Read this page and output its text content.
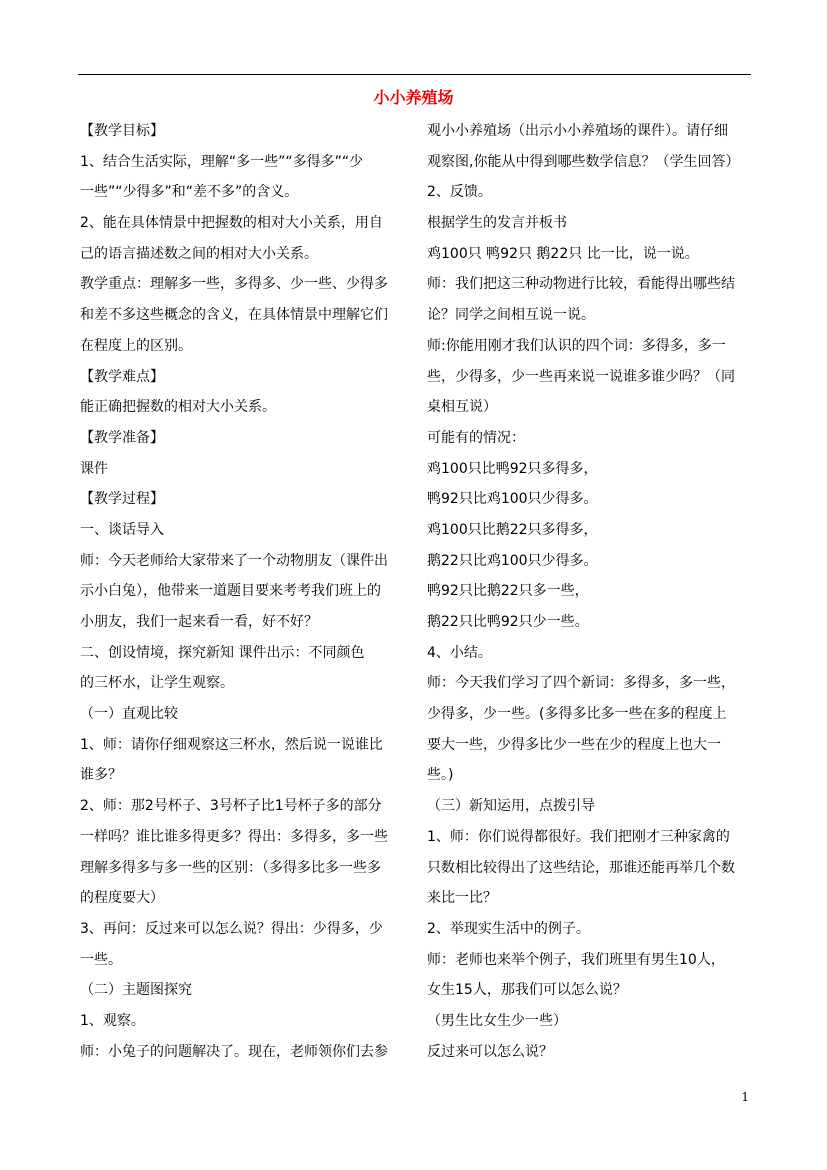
小小养殖场
【教学目标】
1、结合生活实际，理解“多一些”“多得多”“少
一些”“少得多”和“差不多”的含义。
2、能在具体情景中把握数的相对大小关系，用自
己的语言描述数之间的相对大小关系。
教学重点：理解多一些，多得多、少一些、少得多
和差不多这些概念的含义，在具体情景中理解它们
在程度上的区别。
【教学难点】
能正确把握数的相对大小关系。
【教学准备】
课件
【教学过程】
一、谈话导入
师：今天老师给大家带来了一个动物朋友（课件出
示小白兔），他带来一道题目要来考考我们班上的
小朋友，我们一起来看一看，好不好？
二、创设情境，探究新知 课件出示：不同颜色
的三杯水，让学生观察。
（一）直观比较
1、师：请你仔细观察这三杯水，然后说一说谁比
谁多？
2、师：那2号杯子、3号杯子比1号杯子多的部分
一样吗？谁比谁多得更多？得出：多得多，多一些
理解多得多与多一些的区别：（多得多比多一些多
的程度要大）
3、再问：反过来可以怎么说？得出：少得多，少
一些。
（二）主题图探究
1、观察。
师：小兔子的问题解决了。现在，老师领你们去参
观小小养殖场（出示小小养殖场的课件）。请仔细
观察图,你能从中得到哪些数学信息？（学生回答）
2、反馈。
根据学生的发言并板书
鸡100只 鸭92只 鹅22只 比一比，说一说。
师：我们把这三种动物进行比较，看能得出哪些结
论？同学之间相互说一说。
师:你能用刚才我们认识的四个词：多得多，多一
些，少得多，少一些再来说一说谁多谁少吗？（同
桌相互说）
可能有的情况：
鸡100只比鸭92只多得多，
鸭92只比鸡100只少得多。
鸡100只比鹅22只多得多，
鹅22只比鸡100只少得多。
鸭92只比鹅22只多一些，
鹅22只比鸭92只少一些。
4、小结。
师：今天我们学习了四个新词：多得多，多一些，
少得多，少一些。(多得多比多一些在多的程度上
要大一些，少得多比少一些在少的程度上也大一
些。)
（三）新知运用，点拨引导
1、师：你们说得都很好。我们把刚才三种家禽的
只数相比较得出了这些结论，那谁还能再举几个数
来比一比？
2、举现实生活中的例子。
师：老师也来举个例子，我们班里有男生10人，
女生15人，那我们可以怎么说？
（男生比女生少一些）
反过来可以怎么说？
1
